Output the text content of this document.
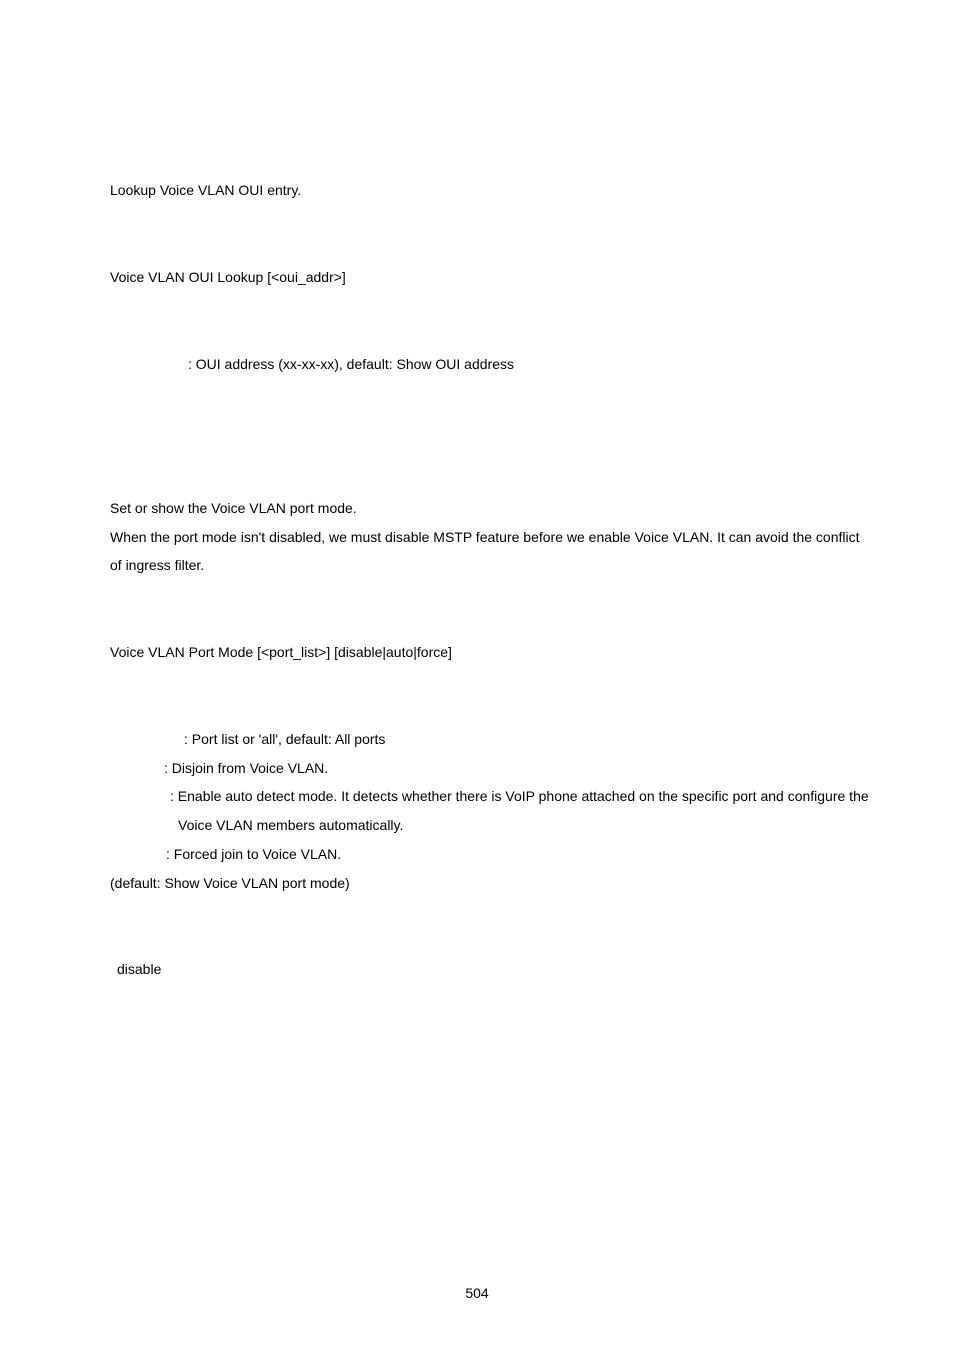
Lookup Voice VLAN OUI entry.
Voice VLAN OUI Lookup [<oui_addr>]
: OUI address (xx-xx-xx), default: Show OUI address
Set or show the Voice VLAN port mode.
When the port mode isn't disabled, we must disable MSTP feature before we enable Voice VLAN. It can avoid the conflict
of ingress filter.
Voice VLAN Port Mode [<port_list>] [disable|auto|force]
: Port list or 'all', default: All ports
: Disjoin from Voice VLAN.
: Enable auto detect mode. It detects whether there is VoIP phone attached on the specific port and configure the
Voice VLAN members automatically.
: Forced join to Voice VLAN.
(default: Show Voice VLAN port mode)
disable
504
